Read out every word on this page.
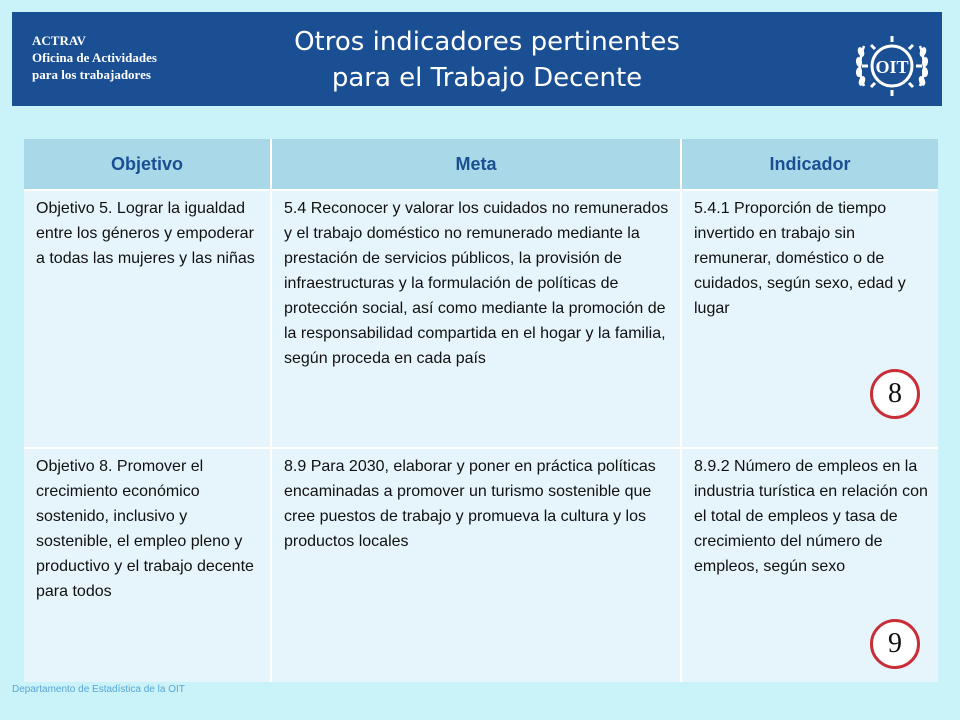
ACTRAV
Oficina de Actividades
para los trabajadores
Otros indicadores pertinentes
para el Trabajo Decente	OIT
Objetivo	Meta	Indicador
Objetivo 5. Lograr la igualdad entre los géneros y empoderar a todas las mujeres y las niñas	5.4 Reconocer y valorar los cuidados no remunerados y el trabajo doméstico no remunerado mediante la prestación de servicios públicos, la provisión de infraestructuras y la formulación de políticas de protección social, así como mediante la promoción de la responsabilidad compartida en el hogar y la familia, según proceda en cada país	5.4.1 Proporción de tiempo invertido en trabajo sin remunerar, doméstico o de cuidados, según sexo, edad y lugar
8

Objetivo 8. Promover el crecimiento económico sostenido, inclusivo y sostenible, el empleo pleno y productivo y el trabajo decente para todos	8.9 Para 2030, elaborar y poner en práctica políticas encaminadas a promover un turismo sostenible que cree puestos de trabajo y promueva la cultura y los productos locales	8.9.2 Número de empleos en la industria turística en relación con el total de empleos y tasa de crecimiento del número de empleos, según sexo
9
Departamento de Estadística de la OIT
